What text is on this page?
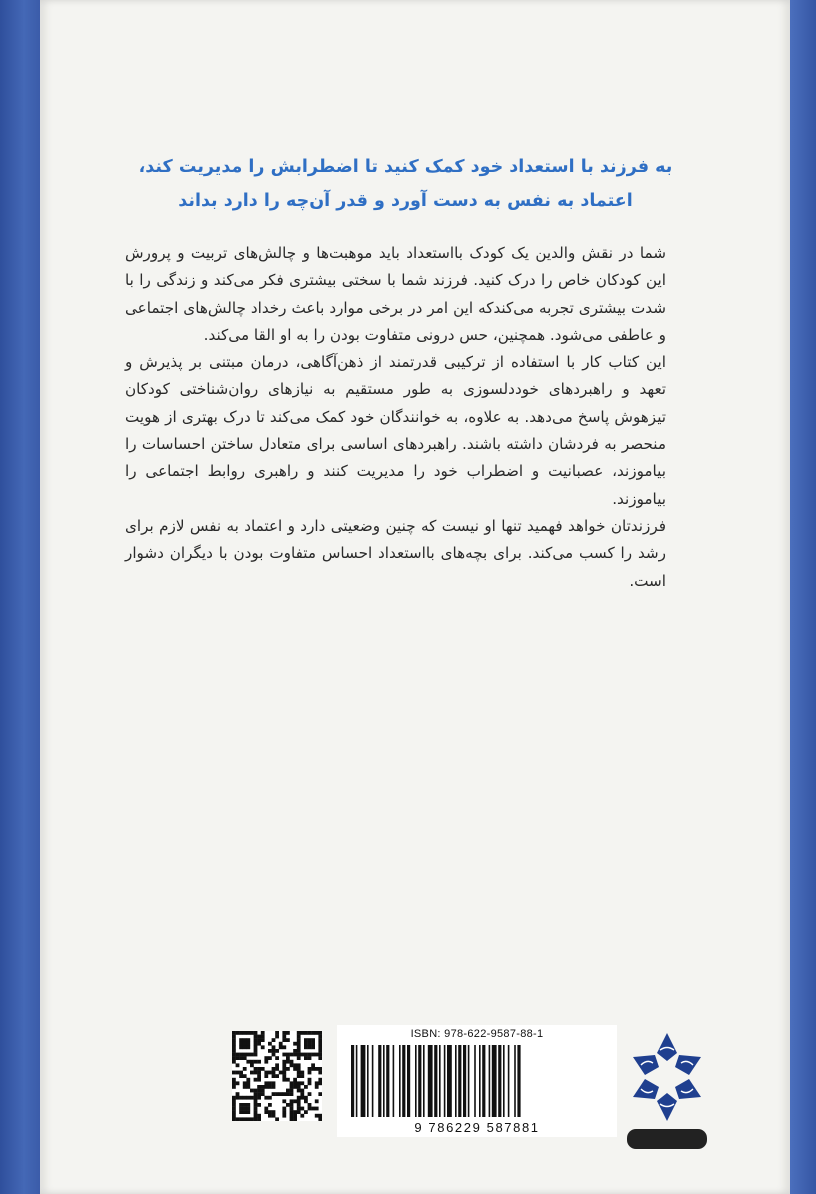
به فرزند با استعداد خود کمک کنید تا اضطرابش را مدیریت کند،
اعتماد به نفس به دست آورد و قدر آن‌چه را دارد بداند

شما در نقش والدین یک کودک بااستعداد باید موهبت‌ها و چالش‌های تربیت و پرورش این کودکان خاص را درک کنید. فرزند شما با سختی بیشتری فکر می‌کند و زندگی را با شدت بیشتری تجربه می‌کندکه این امر در برخی موارد باعث رخداد چالش‌های اجتماعی و عاطفی می‌شود. همچنین، حس درونی متفاوت بودن را به او القا می‌کند.

این کتاب کار با استفاده از ترکیبی قدرتمند از ذهن‌آگاهی، درمان مبتنی بر پذیرش و تعهد و راهبردهای خوددلسوزی به طور مستقیم به نیازهای روان‌شناختی کودکان تیزهوش پاسخ می‌دهد. به علاوه، به خوانندگان خود کمک می‌کند تا درک بهتری از هویت منحصر به فردشان داشته باشند. راهبردهای اساسی برای متعادل ساختن احساسات را بیاموزند، عصبانیت و اضطراب خود را مدیریت کنند و راهبری روابط اجتماعی را بیاموزند.

فرزندتان خواهد فهمید تنها او نیست که چنین وضعیتی دارد و اعتماد به نفس لازم برای رشد را کسب می‌کند. برای بچه‌های بااستعداد احساس متفاوت بودن با دیگران دشوار است.

ISBN: 978-622-9587-88-1
9 786229 587881
